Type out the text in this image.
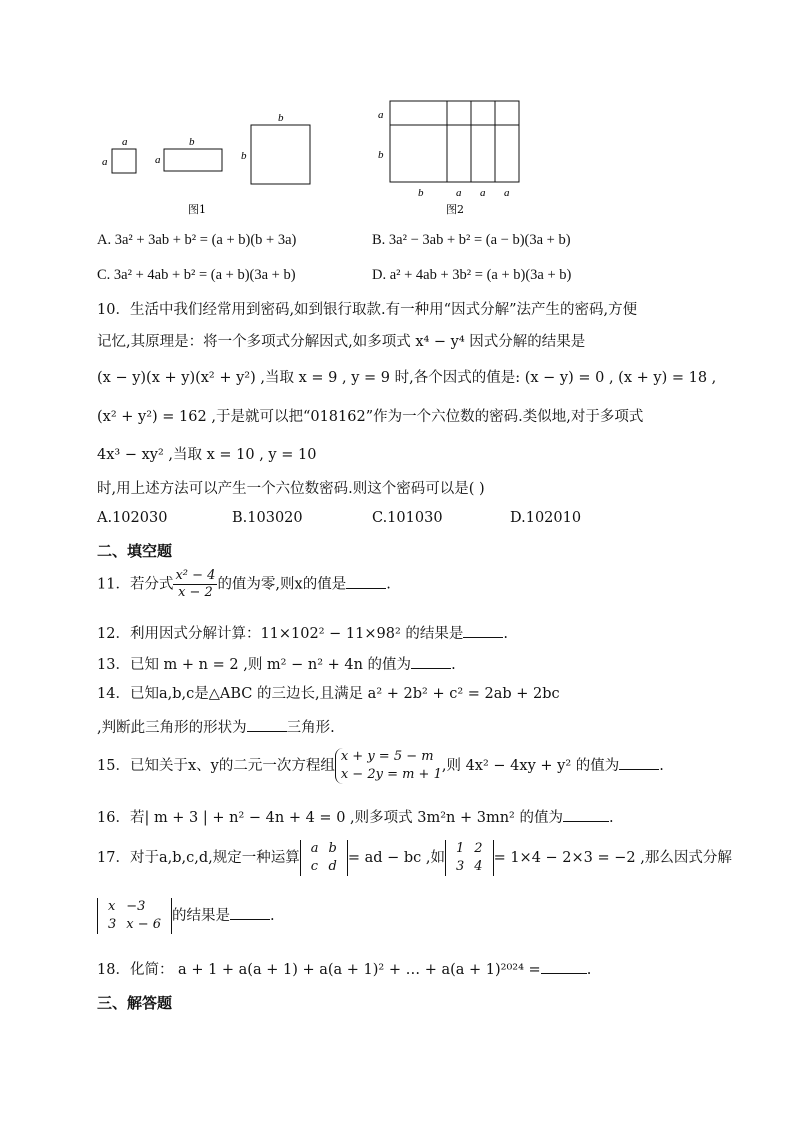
a
a
b
a
b
b
图1
a
b
b	a a a
图2
A. 3a² + 3ab + b² = (a + b)(b + 3a)	B. 3a² − 3ab + b² = (a − b)(3a + b)
C. 3a² + 4ab + b² = (a + b)(3a + b)	D. a² + 4ab + 3b² = (a + b)(3a + b)
10．生活中我们经常用到密码,如到银行取款.有一种用“因式分解”法产生的密码,方便
记忆,其原理是：将一个多项式分解因式,如多项式 x⁴ − y⁴ 因式分解的结果是
(x − y)(x + y)(x² + y²) ,当取 x = 9 , y = 9 时,各个因式的值是: (x − y) = 0 , (x + y) = 18 ,
(x² + y²) = 162 ,于是就可以把“018162”作为一个六位数的密码.类似地,对于多项式
4x³ − xy² ,当取 x = 10 , y = 10
时,用上述方法可以产生一个六位数密码.则这个密码可以是( )
A.102030	B.103020	C.101030	D.102010
二、填空题
11．若分式 $\frac{\text{x² − 4}}{x - 2}$ 的值为零,则x的值是	.
12．利用因式分解计算：11×102² − 11×98² 的结果是	.
13．已知 m + n = 2 ,则 m² − n² + 4n 的值为	.
14．已知a,b,c是△ABC 的三边长,且满足 a² + 2b² + c² = 2ab + 2bc
,判断此三角形的形状为	三角形.
15．已知关于x、y的二元一次方程组
x + y = 5 − m
x − 2y = m + 1
,则 4x² − 4xy + y² 的值为	.
16．若| m + 3 | + n² − 4n + 4 = 0 ,则多项式 3m²n + 3mn² 的值为	.
17．对于a,b,c,d,规定一种运算
a	b
c	d
= ad − bc ,如
1	2
3	4
= 1×4 − 2×3 = −2 ,那么因式分解
x	−3
3	x − 6
的结果是	.
18．化简： a + 1 + a(a + 1) + a(a + 1)² + … + a(a + 1)²⁰²⁴ =	.
三、解答题
